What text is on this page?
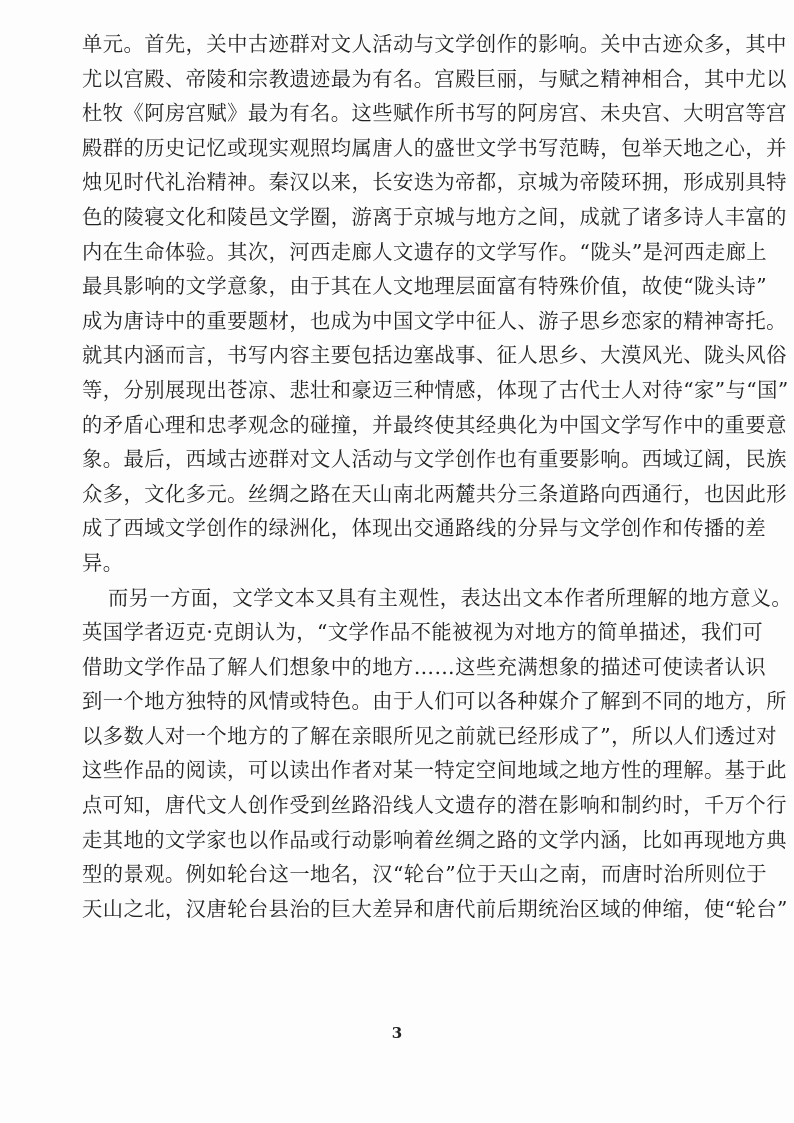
单元。首先，关中古迹群对文人活动与文学创作的影响。关中古迹众多，其中
尤以宫殿、帝陵和宗教遗迹最为有名。宫殿巨丽，与赋之精神相合，其中尤以
杜牧《阿房宫赋》最为有名。这些赋作所书写的阿房宫、未央宫、大明宫等宫
殿群的历史记忆或现实观照均属唐人的盛世文学书写范畴，包举天地之心，并
烛见时代礼治精神。秦汉以来，长安迭为帝都，京城为帝陵环拥，形成别具特
色的陵寝文化和陵邑文学圈，游离于京城与地方之间，成就了诸多诗人丰富的
内在生命体验。其次，河西走廊人文遗存的文学写作。“陇头”是河西走廊上
最具影响的文学意象，由于其在人文地理层面富有特殊价值，故使“陇头诗”
成为唐诗中的重要题材，也成为中国文学中征人、游子思乡恋家的精神寄托。
就其内涵而言，书写内容主要包括边塞战事、征人思乡、大漠风光、陇头风俗
等，分别展现出苍凉、悲壮和豪迈三种情感，体现了古代士人对待“家”与“国”
的矛盾心理和忠孝观念的碰撞，并最终使其经典化为中国文学写作中的重要意
象。最后，西域古迹群对文人活动与文学创作也有重要影响。西域辽阔，民族
众多，文化多元。丝绸之路在天山南北两麓共分三条道路向西通行，也因此形
成了西域文学创作的绿洲化，体现出交通路线的分异与文学创作和传播的差
异。
而另一方面，文学文本又具有主观性，表达出文本作者所理解的地方意义。
英国学者迈克·克朗认为，“文学作品不能被视为对地方的简单描述，我们可
借助文学作品了解人们想象中的地方……这些充满想象的描述可使读者认识
到一个地方独特的风情或特色。由于人们可以各种媒介了解到不同的地方，所
以多数人对一个地方的了解在亲眼所见之前就已经形成了”，所以人们透过对
这些作品的阅读，可以读出作者对某一特定空间地域之地方性的理解。基于此
点可知，唐代文人创作受到丝路沿线人文遗存的潜在影响和制约时，千万个行
走其地的文学家也以作品或行动影响着丝绸之路的文学内涵，比如再现地方典
型的景观。例如轮台这一地名，汉“轮台”位于天山之南，而唐时治所则位于
天山之北，汉唐轮台县治的巨大差异和唐代前后期统治区域的伸缩，使“轮台”
3
